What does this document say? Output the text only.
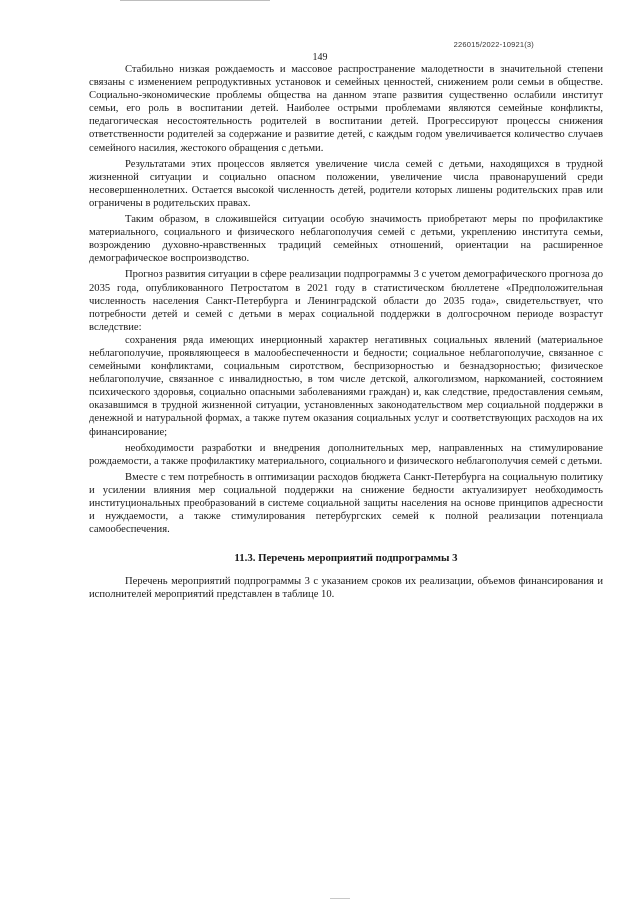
226015/2022-10921(3)
149

Стабильно низкая рождаемость и массовое распространение малодетности в значительной степени связаны с изменением репродуктивных установок и семейных ценностей, снижением роли семьи в обществе. Социально-экономические проблемы общества на данном этапе развития существенно ослабили институт семьи, его роль в воспитании детей. Наиболее острыми проблемами являются семейные конфликты, педагогическая несостоятельность родителей в воспитании детей. Прогрессируют процессы снижения ответственности родителей за содержание и развитие детей, с каждым годом увеличивается количество случаев семейного насилия, жестокого обращения с детьми.

Результатами этих процессов является увеличение числа семей с детьми, находящихся в трудной жизненной ситуации и социально опасном положении, увеличение числа правонарушений среди несовершеннолетних. Остается высокой численность детей, родители которых лишены родительских прав или ограничены в родительских правах.

Таким образом, в сложившейся ситуации особую значимость приобретают меры по профилактике материального, социального и физического неблагополучия семей с детьми, укреплению института семьи, возрождению духовно-нравственных традиций семейных отношений, ориентации на расширенное демографическое воспроизводство.

Прогноз развития ситуации в сфере реализации подпрограммы 3 с учетом демографического прогноза до 2035 года, опубликованного Петростатом в 2021 году в статистическом бюллетене «Предположительная численность населения Санкт-Петербурга и Ленинградской области до 2035 года», свидетельствует, что потребности детей и семей с детьми в мерах социальной поддержки в долгосрочном периоде возрастут вследствие:

сохранения ряда имеющих инерционный характер негативных социальных явлений (материальное неблагополучие, проявляющееся в малообеспеченности и бедности; социальное неблагополучие, связанное с семейными конфликтами, социальным сиротством, беспризорностью и безнадзорностью; физическое неблагополучие, связанное с инвалидностью, в том числе детской, алкоголизмом, наркоманией, состоянием психического здоровья, социально опасными заболеваниями граждан) и, как следствие, предоставления семьям, оказавшимся в трудной жизненной ситуации, установленных законодательством мер социальной поддержки в денежной и натуральной формах, а также путем оказания социальных услуг и соответствующих расходов на их финансирование;

необходимости разработки и внедрения дополнительных мер, направленных на стимулирование рождаемости, а также профилактику материального, социального и физического неблагополучия семей с детьми.

Вместе с тем потребность в оптимизации расходов бюджета Санкт-Петербурга на социальную политику и усилении влияния мер социальной поддержки на снижение бедности актуализирует необходимость институциональных преобразований в системе социальной защиты населения на основе принципов адресности и нуждаемости, а также стимулирования петербургских семей к полной реализации потенциала самообеспечения.

11.3. Перечень мероприятий подпрограммы 3

Перечень мероприятий подпрограммы 3 с указанием сроков их реализации, объемов финансирования и исполнителей мероприятий представлен в таблице 10.
